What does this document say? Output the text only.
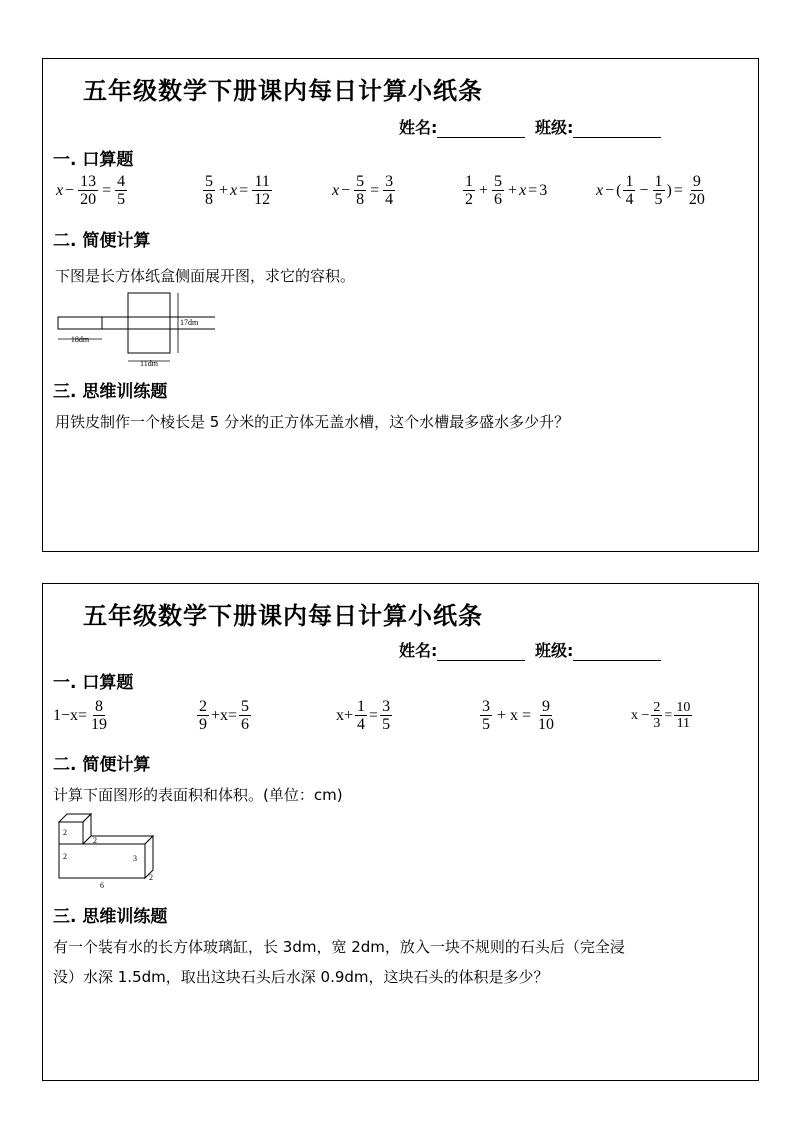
五年级数学下册课内每日计算小纸条
姓名:	班级:
一. 口算题
$x - \frac{13}{20} = \frac{4}{5}$	$\frac{5}{8} + x = \frac{11}{12}$	$x - \frac{5}{8} = \frac{3}{4}$	$\frac{1}{2} + \frac{5}{6} + x = 3$	x − ( $\frac{1}{4} - \frac{1}{5}$ ) = $\frac{9}{20}$
二. 简便计算
下图是长方体纸盒侧面展开图，求它的容积。
18dm
11dm
17dm
三. 思维训练题
用铁皮制作一个棱长是 5 分米的正方体无盖水槽，这个水槽最多盛水多少升？
五年级数学下册课内每日计算小纸条
姓名:	班级:
一. 口算题
$1-x= \frac{8}{19}$	$\frac{2}{9} +x= \frac{5}{6}$	$x+ \frac{1}{4} = \frac{3}{5}$	$\frac{3}{5} + x = \frac{9}{10}$	$x - \frac{2}{3} = \frac{10}{11}$
二. 简便计算
计算下面图形的表面积和体积。(单位：cm)
2
2
2	3
6
2
三. 思维训练题
有一个装有水的长方体玻璃缸，长 3dm，宽 2dm，放入一块不规则的石头后（完全浸
没）水深 1.5dm，取出这块石头后水深 0.9dm，这块石头的体积是多少？
